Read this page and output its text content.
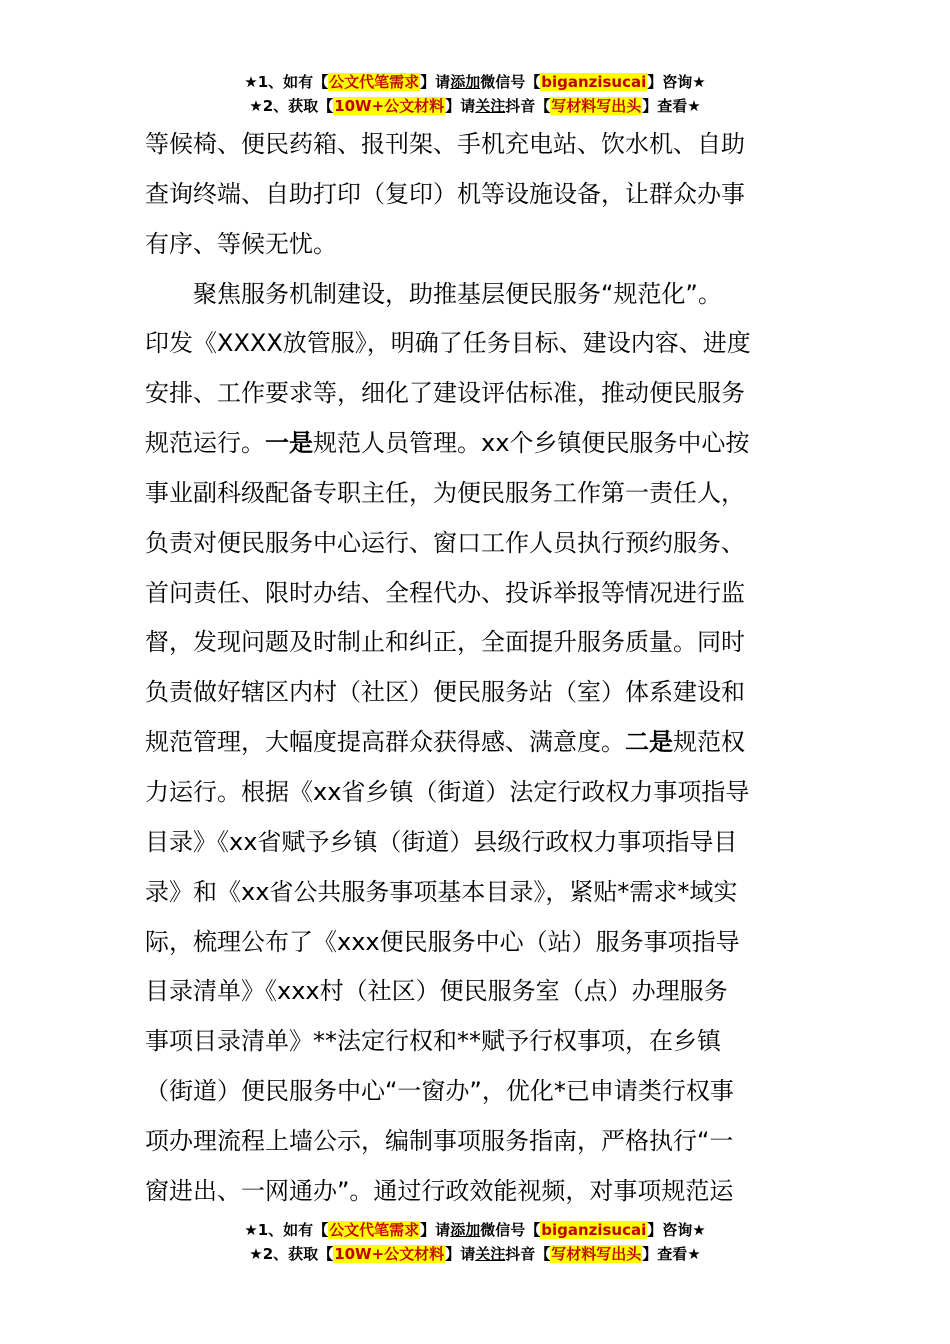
★1、如有【公文代笔需求】请添加微信号【biganzisucai】咨询★
★2、获取【10W+公文材料】请关注抖音【写材料写出头】查看★

等候椅、便民药箱、报刊架、手机充电站、饮水机、自助
查询终端、自助打印（复印）机等设施设备，让群众办事
有序、等候无忧。

　　聚焦服务机制建设，助推基层便民服务“规范化”。
印发《XXXX放管服》，明确了任务目标、建设内容、进度
安排、工作要求等，细化了建设评估标准，推动便民服务
规范运行。一是规范人员管理。xx个乡镇便民服务中心按
事业副科级配备专职主任，为便民服务工作第一责任人，
负责对便民服务中心运行、窗口工作人员执行预约服务、
首问责任、限时办结、全程代办、投诉举报等情况进行监
督，发现问题及时制止和纠正，全面提升服务质量。同时
负责做好辖区内村（社区）便民服务站（室）体系建设和
规范管理，大幅度提高群众获得感、满意度。二是规范权
力运行。根据《xx省乡镇（街道）法定行政权力事项指导
目录》《xx省赋予乡镇（街道）县级行政权力事项指导目
录》和《xx省公共服务事项基本目录》，紧贴*需求*域实
际，梳理公布了《xxx便民服务中心（站）服务事项指导
目录清单》《xxx村（社区）便民服务室（点）办理服务
事项目录清单》**法定行权和**赋予行权事项，在乡镇
（街道）便民服务中心“一窗办”，优化*已申请类行权事
项办理流程上墙公示，编制事项服务指南，严格执行“一
窗进出、一网通办”。通过行政效能视频，对事项规范运

★1、如有【公文代笔需求】请添加微信号【biganzisucai】咨询★
★2、获取【10W+公文材料】请关注抖音【写材料写出头】查看★
